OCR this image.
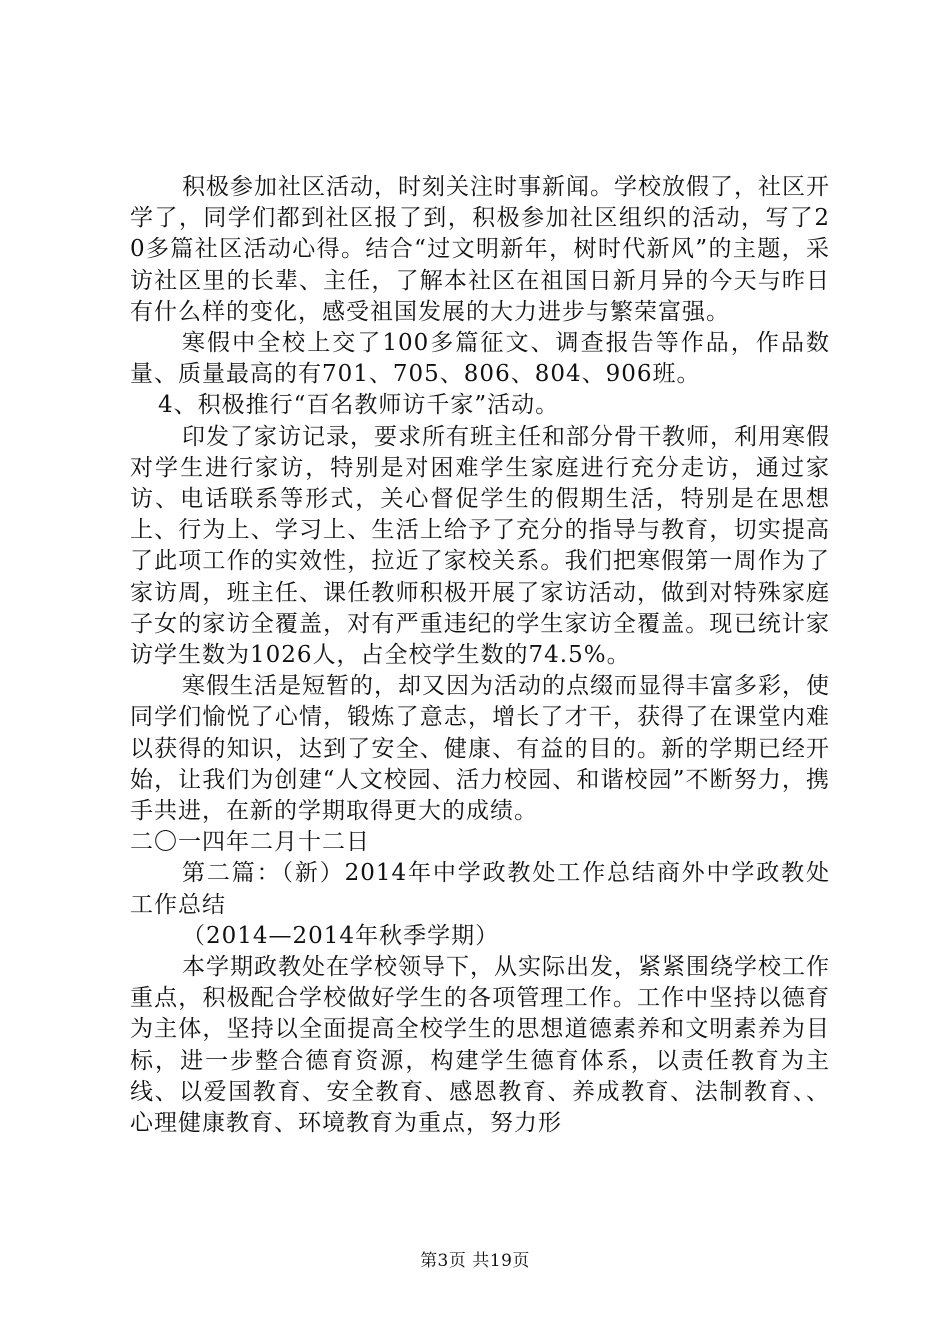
积极参加社区活动，时刻关注时事新闻。学校放假了，社区开学了，同学们都到社区报了到，积极参加社区组织的活动，写了20多篇社区活动心得。结合“过文明新年，树时代新风”的主题，采访社区里的长辈、主任，了解本社区在祖国日新月异的今天与昨日有什么样的变化，感受祖国发展的大力进步与繁荣富强。

寒假中全校上交了100多篇征文、调查报告等作品，作品数量、质量最高的有701、705、806、804、906班。

4、积极推行“百名教师访千家”活动。

印发了家访记录，要求所有班主任和部分骨干教师，利用寒假对学生进行家访，特别是对困难学生家庭进行充分走访，通过家访、电话联系等形式，关心督促学生的假期生活，特别是在思想上、行为上、学习上、生活上给予了充分的指导与教育，切实提高了此项工作的实效性，拉近了家校关系。我们把寒假第一周作为了家访周，班主任、课任教师积极开展了家访活动，做到对特殊家庭子女的家访全覆盖，对有严重违纪的学生家访全覆盖。现已统计家访学生数为1026人，占全校学生数的74.5%。

寒假生活是短暂的，却又因为活动的点缀而显得丰富多彩，使同学们愉悦了心情，锻炼了意志，增长了才干，获得了在课堂内难以获得的知识，达到了安全、健康、有益的目的。新的学期已经开始，让我们为创建“人文校园、活力校园、和谐校园”不断努力，携手共进，在新的学期取得更大的成绩。

二〇一四年二月十二日

第二篇：（新）2014年中学政教处工作总结商外中学政教处工作总结

（2014—2014年秋季学期）

本学期政教处在学校领导下，从实际出发，紧紧围绕学校工作重点，积极配合学校做好学生的各项管理工作。工作中坚持以德育为主体，坚持以全面提高全校学生的思想道德素养和文明素养为目标，进一步整合德育资源，构建学生德育体系，以责任教育为主线、以爱国教育、安全教育、感恩教育、养成教育、法制教育、、心理健康教育、环境教育为重点，努力形

第3页 共19页
